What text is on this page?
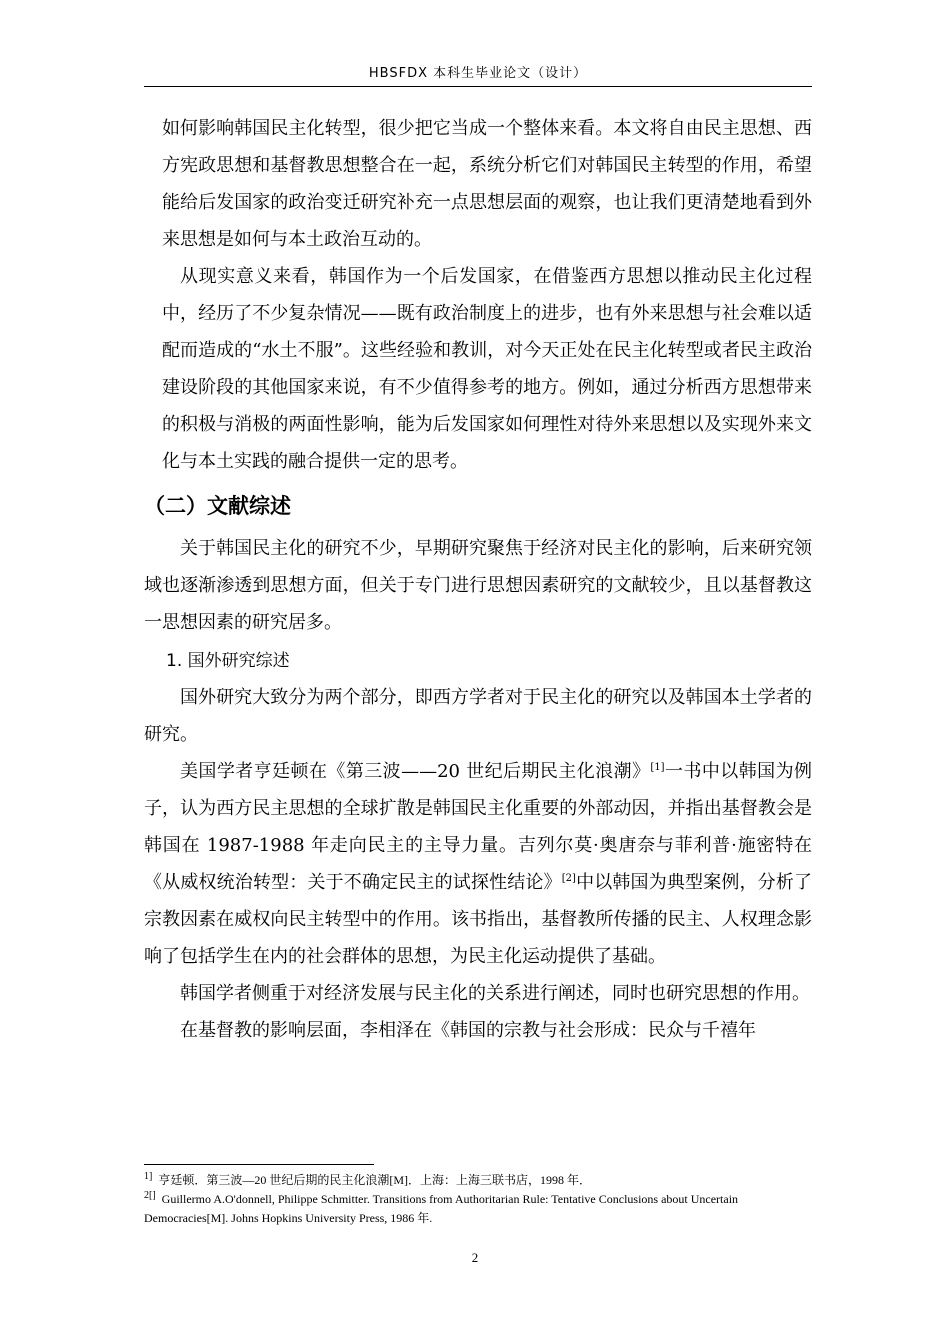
HBSFDX 本科生毕业论文（设计）

如何影响韩国民主化转型，很少把它当成一个整体来看。本文将自由民主思想、西方宪政思想和基督教思想整合在一起，系统分析它们对韩国民主转型的作用，希望能给后发国家的政治变迁研究补充一点思想层面的观察，也让我们更清楚地看到外来思想是如何与本土政治互动的。

从现实意义来看，韩国作为一个后发国家，在借鉴西方思想以推动民主化过程中，经历了不少复杂情况——既有政治制度上的进步，也有外来思想与社会难以适配而造成的“水土不服”。这些经验和教训，对今天正处在民主化转型或者民主政治建设阶段的其他国家来说，有不少值得参考的地方。例如，通过分析西方思想带来的积极与消极的两面性影响，能为后发国家如何理性对待外来思想以及实现外来文化与本土实践的融合提供一定的思考。

（二）文献综述

关于韩国民主化的研究不少，早期研究聚焦于经济对民主化的影响，后来研究领域也逐渐渗透到思想方面，但关于专门进行思想因素研究的文献较少，且以基督教这一思想因素的研究居多。

1. 国外研究综述

国外研究大致分为两个部分，即西方学者对于民主化的研究以及韩国本土学者的研究。

美国学者亨廷顿在《第三波——20 世纪后期民主化浪潮》[1]一书中以韩国为例子，认为西方民主思想的全球扩散是韩国民主化重要的外部动因，并指出基督教会是韩国在 1987-1988 年走向民主的主导力量。吉列尔莫·奥唐奈与菲利普·施密特在《从威权统治转型：关于不确定民主的试探性结论》[2]中以韩国为典型案例，分析了宗教因素在威权向民主转型中的作用。该书指出，基督教所传播的民主、人权理念影响了包括学生在内的社会群体的思想，为民主化运动提供了基础。

韩国学者侧重于对经济发展与民主化的关系进行阐述，同时也研究思想的作用。

在基督教的影响层面，李相泽在《韩国的宗教与社会形成：民众与千禧年

$^{1]}$ 亨廷顿．第三波—20 世纪后期的民主化浪潮[M]．上海：上海三联书店，1998 年．

$^{2[]}$ Guillermo A.O'donnell, Philippe Schmitter. Transitions from Authoritarian Rule: Tentative Conclusions about Uncertain Democracies[M]. Johns Hopkins University Press, 1986 年.

2
